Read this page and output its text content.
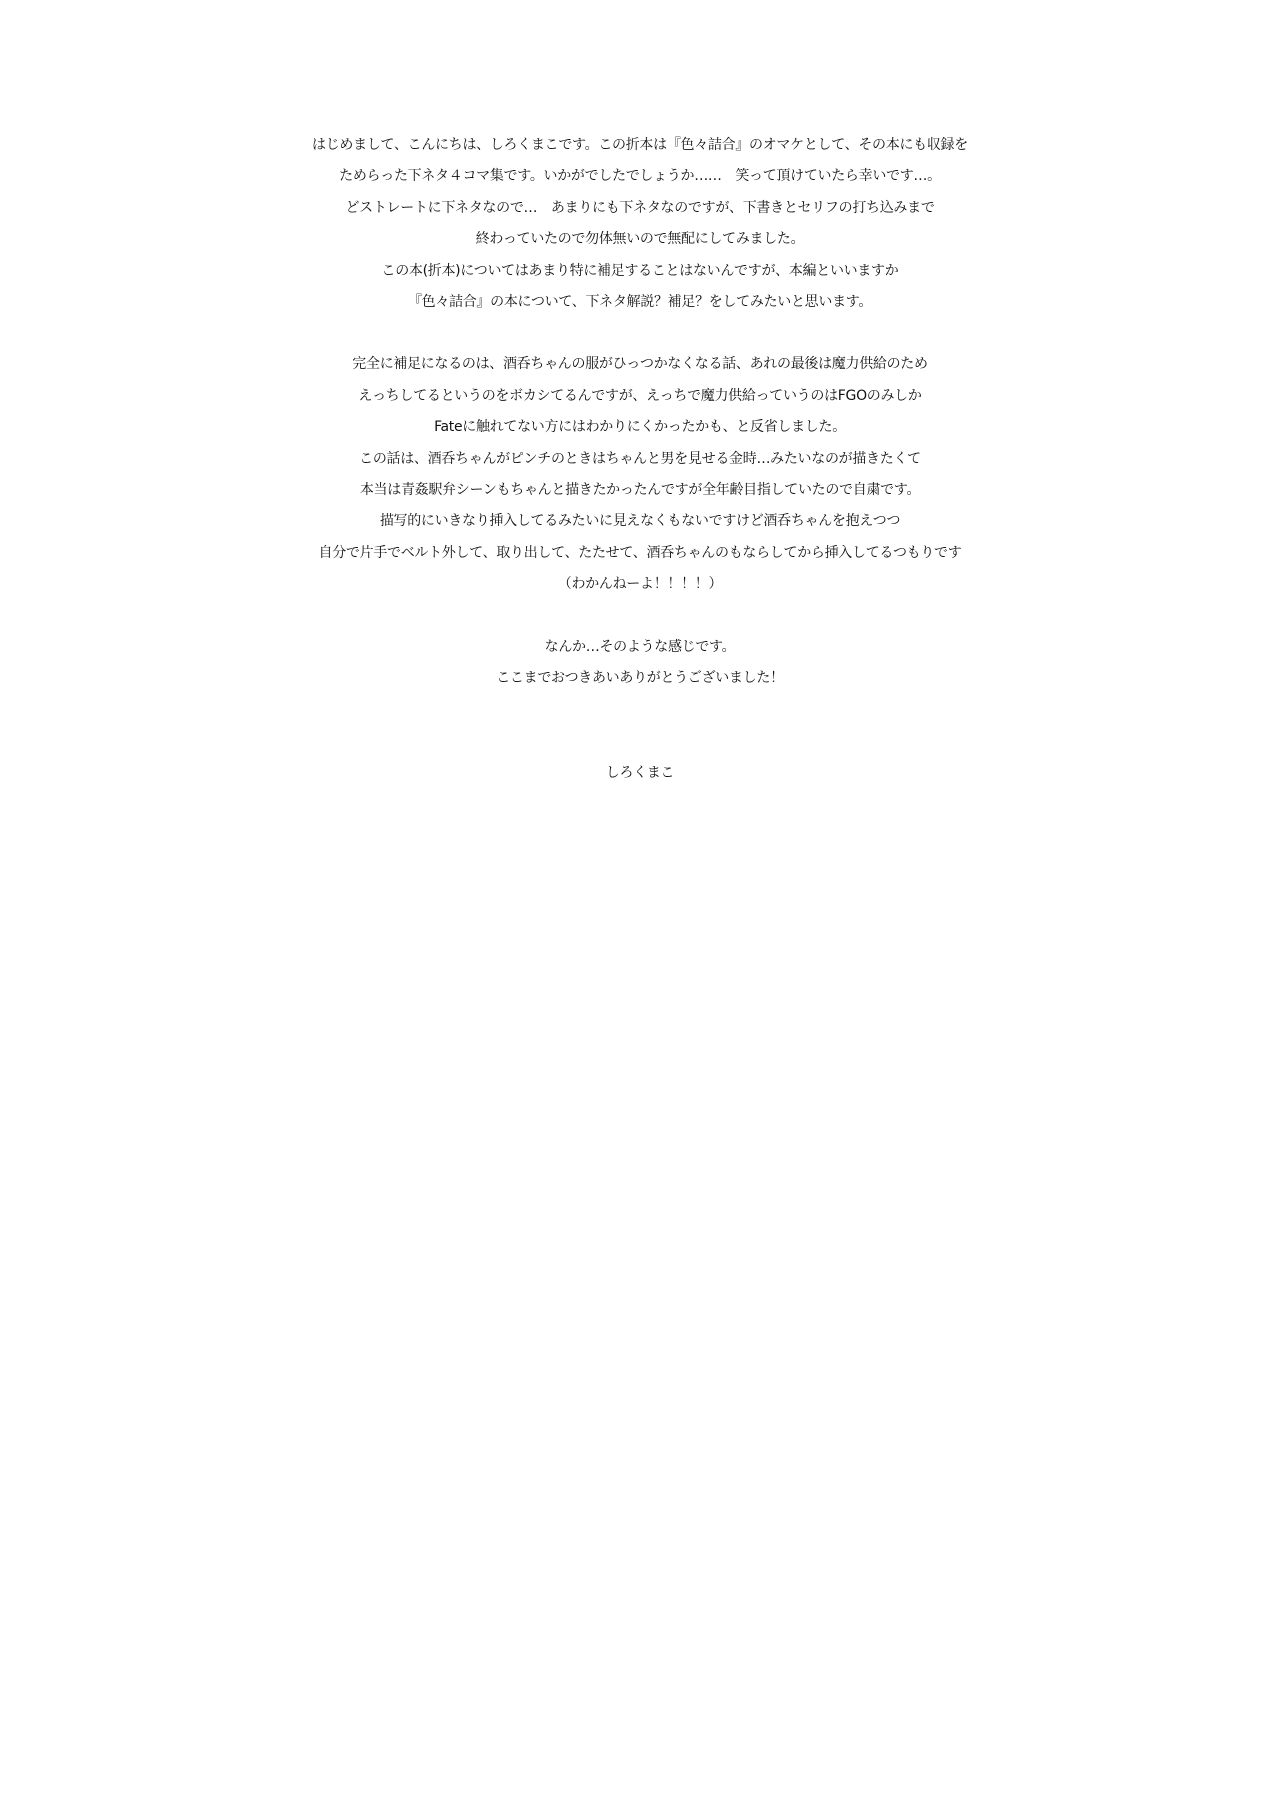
はじめまして、こんにちは、しろくまこです。この折本は『色々詰合』のオマケとして、その本にも収録を
ためらった下ネタ４コマ集です。いかがでしたでしょうか……　笑って頂けていたら幸いです…。
どストレートに下ネタなので…　あまりにも下ネタなのですが、下書きとセリフの打ち込みまで
終わっていたので勿体無いので無配にしてみました。
この本(折本)についてはあまり特に補足することはないんですが、本編といいますか
『色々詰合』の本について、下ネタ解説？補足？をしてみたいと思います。
完全に補足になるのは、酒呑ちゃんの服がひっつかなくなる話、あれの最後は魔力供給のため
えっちしてるというのをボカシてるんですが、えっちで魔力供給っていうのはFGOのみしか
Fateに触れてない方にはわかりにくかったかも、と反省しました。
この話は、酒呑ちゃんがピンチのときはちゃんと男を見せる金時…みたいなのが描きたくて
本当は青姦駅弁シーンもちゃんと描きたかったんですが全年齢目指していたので自粛です。
描写的にいきなり挿入してるみたいに見えなくもないですけど酒呑ちゃんを抱えつつ
自分で片手でベルト外して、取り出して、たたせて、酒呑ちゃんのもならしてから挿入してるつもりです
（わかんねーよ！！！！）
なんか…そのような感じです。
ここまでおつきあいありがとうございました！
しろくまこ
